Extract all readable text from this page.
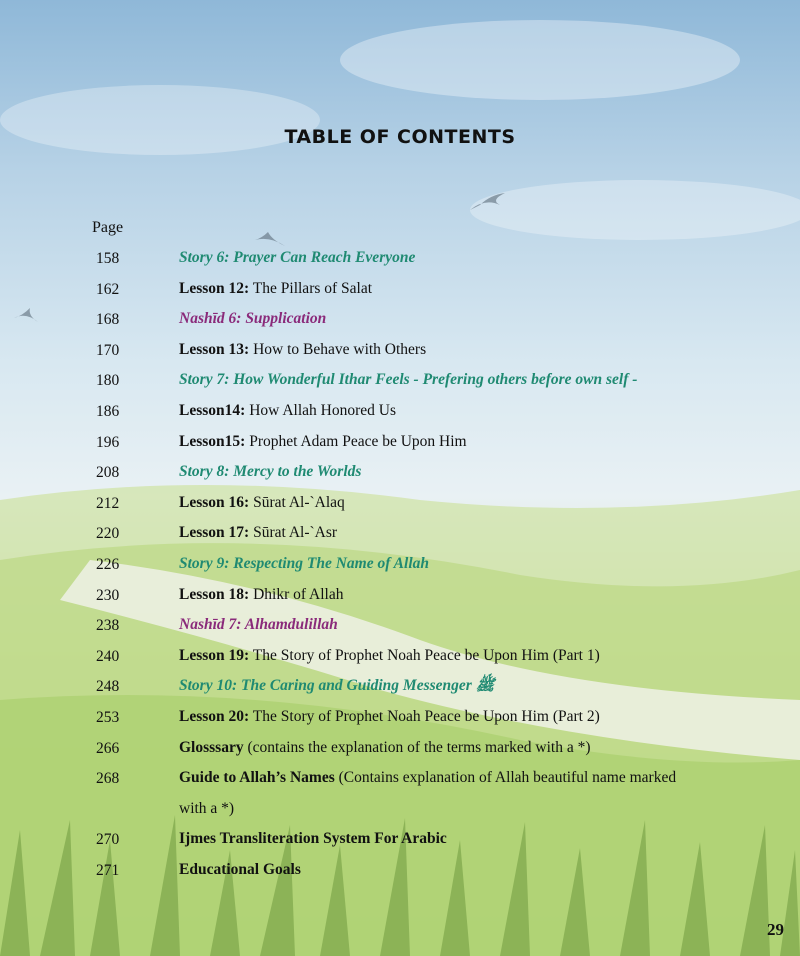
TABLE OF CONTENTS
Page
158	Story 6: Prayer Can Reach Everyone
162	Lesson 12: The Pillars of Salat
168	Nashīd 6: Supplication
170	Lesson 13: How to Behave with Others
180	Story 7: How Wonderful Ithar Feels - Prefering others before own self -
186	Lesson14: How Allah Honored Us
196	Lesson15: Prophet Adam Peace be Upon Him
208	Story 8: Mercy to the Worlds
212	Lesson 16: Sūrat Al-`Alaq
220	Lesson 17: Sūrat Al-`Asr
226	Story 9: Respecting The Name of Allah
230	Lesson 18: Dhikr of Allah
238	Nashīd 7: Alhamdulillah
240	Lesson 19: The Story of Prophet Noah Peace be Upon Him (Part 1)
248	Story 10: The Caring and Guiding Messenger ﷺ
253	Lesson 20: The Story of Prophet Noah Peace be Upon Him (Part 2)
266	Glosssary (contains the explanation of the terms marked with a *)
268	Guide to Allah’s Names (Contains explanation of Allah beautiful name marked with a *)
270	Ijmes Transliteration System For Arabic
271	Educational Goals
29
